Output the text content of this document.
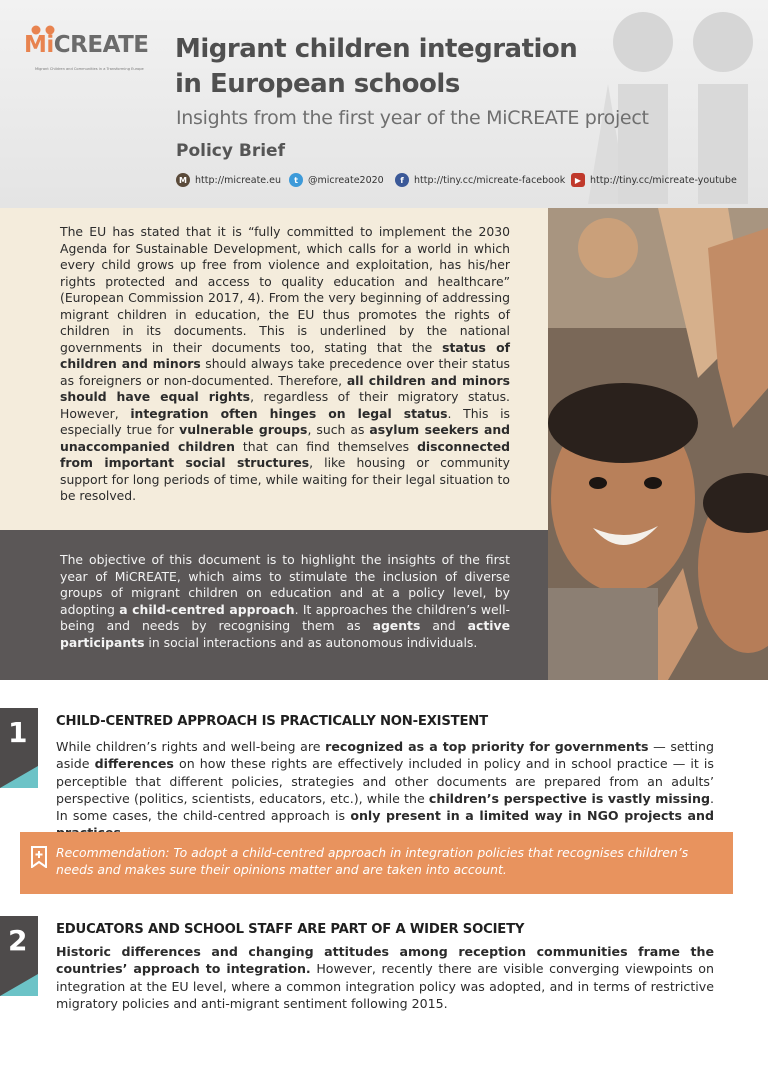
MiCREATE
Migrant Children and Communities in a Transforming Europe
Migrant children integration
in European schools
Insights from the first year of the MiCREATE project
Policy Brief
M http://micreate.eu	t	@micreate2020	f	http://tiny.cc/micreate-facebook	▶ http://tiny.cc/micreate-youtube

The EU has stated that it is “fully committed to implement the 2030 Agenda for Sustainable Development, which calls for a world in which every child grows up free from violence and exploitation, has his/her rights protected and access to quality education and healthcare” (European Commission 2017, 4). From the very beginning of addressing migrant children in education, the EU thus promotes the rights of children in its documents. This is underlined by the national governments in their documents too, stating that the status of children and minors should always take precedence over their status as foreigners or non-documented. Therefore, all children and minors should have equal rights, regardless of their migratory status. However, integration often hinges on legal status. This is especially true for vulnerable groups, such as asylum seekers and unaccompanied children that can find themselves disconnected from important social structures, like housing or community support for long periods of time, while waiting for their legal situation to be resolved.

The objective of this document is to highlight the insights of the first year of MiCREATE, which aims to stimulate the inclusion of diverse groups of migrant children on education and at a policy level, by adopting a child-centred approach. It approaches the children’s well-being and needs by recognising them as agents and active participants in social interactions and as autonomous individuals.

1 CHILD-CENTRED APPROACH IS PRACTICALLY NON-EXISTENT

While children’s rights and well-being are recognized as a top priority for governments — setting aside differences on how these rights are effectively included in policy and in school practice — it is perceptible that different policies, strategies and other documents are prepared from an adults’ perspective (politics, scientists, educators, etc.), while the children’s perspective is vastly missing. In some cases, the child-centred approach is only present in a limited way in NGO projects and

Recommendation: To adopt a child-centred approach in integration policies that recognises children’s needs and makes sure their opinions matter and are taken into account.

2 EDUCATORS AND SCHOOL STAFF ARE PART OF A WIDER SOCIETY

Historic differences and changing attitudes among reception communities frame the countries’ approach to integration. However, recently there are visible converging viewpoints on integration at the EU level, where a common integration policy was adopted, and in terms of restrictive migratory policies and anti-migrant sentiment following 2015.
